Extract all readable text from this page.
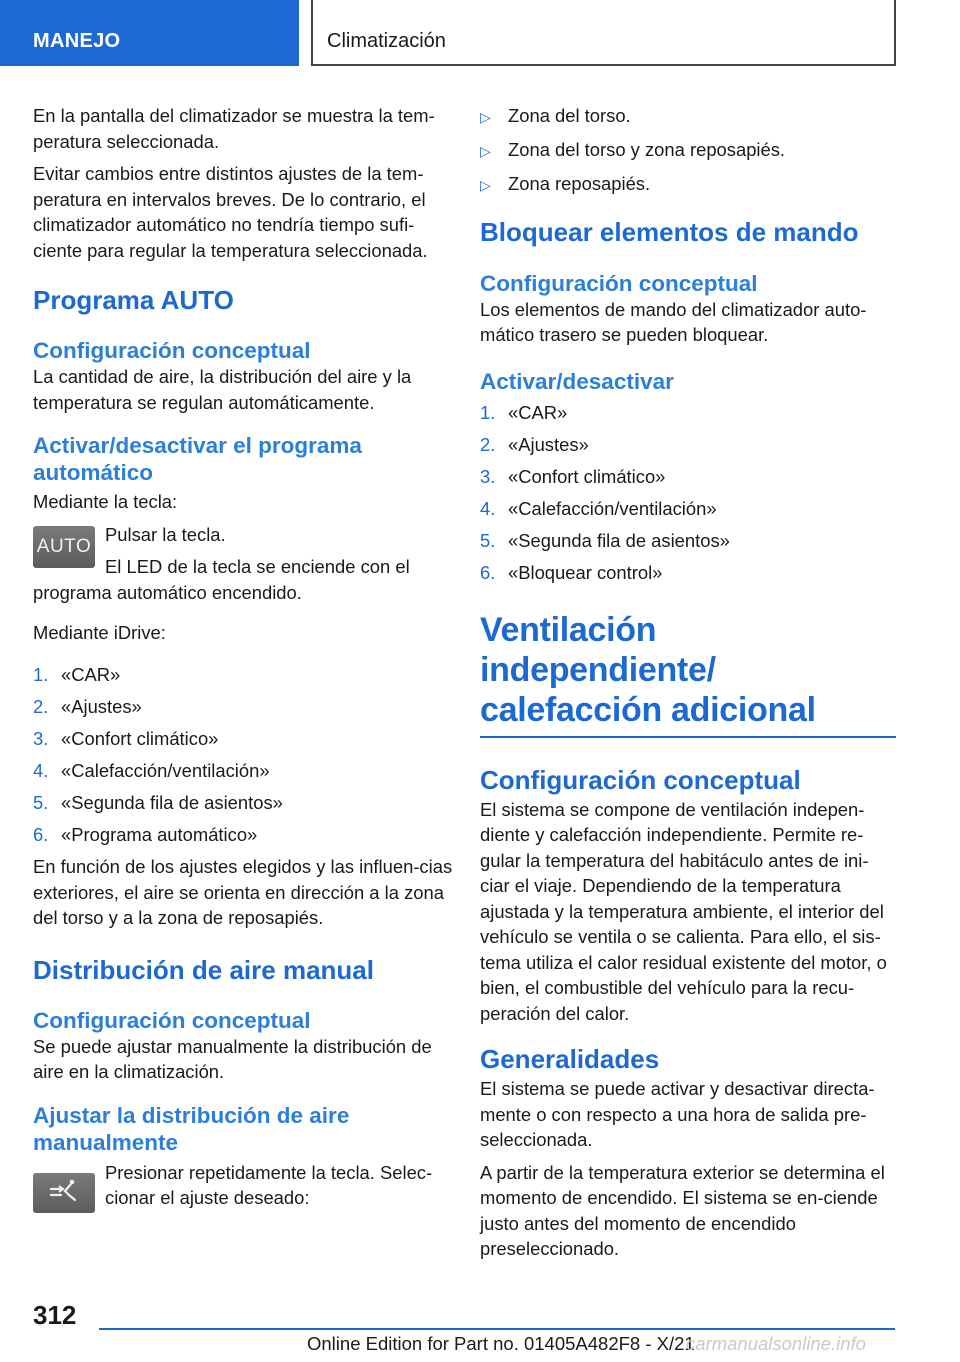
MANEJO	Climatización

En la pantalla del climatizador se muestra la tem-peratura seleccionada.

Evitar cambios entre distintos ajustes de la tem-peratura en intervalos breves. De lo contrario, el climatizador automático no tendría tiempo sufi-ciente para regular la temperatura seleccionada.

Programa AUTO
Configuración conceptual

La cantidad de aire, la distribución del aire y la temperatura se regulan automáticamente.

Activar/desactivar el programa automático

Mediante la tecla:

AUTO

Pulsar la tecla.

El LED de la tecla se enciende con el programa automático encendido.

Mediante iDrive:

1. «CAR»
2. «Ajustes»
3. «Confort climático»
4. «Calefacción/ventilación»
5. «Segunda fila de asientos»
6. «Programa automático»

En función de los ajustes elegidos y las influen-cias exteriores, el aire se orienta en dirección a la zona del torso y a la zona de reposapiés.

Distribución de aire manual
Configuración conceptual

Se puede ajustar manualmente la distribución de aire en la climatización.

Ajustar la distribución de aire manualmente

Presionar repetidamente la tecla. Selec-cionar el ajuste deseado:

▷ Zona del torso.
▷ Zona del torso y zona reposapiés.
▷ Zona reposapiés.
Bloquear elementos de mando
Configuración conceptual

Los elementos de mando del climatizador auto-mático trasero se pueden bloquear.

Activar/desactivar
1. «CAR»
2. «Ajustes»
3. «Confort climático»
4. «Calefacción/ventilación»
5. «Segunda fila de asientos»
6. «Bloquear control»
Ventilación independiente/
calefacción adicional
Configuración conceptual

El sistema se compone de ventilación indepen-diente y calefacción independiente. Permite re-gular la temperatura del habitáculo antes de ini-ciar el viaje. Dependiendo de la temperatura ajustada y la temperatura ambiente, el interior del vehículo se ventila o se calienta. Para ello, el sis-tema utiliza el calor residual existente del motor, o bien, el combustible del vehículo para la recu-peración del calor.

Generalidades

El sistema se puede activar y desactivar directa-mente o con respecto a una hora de salida pre-seleccionada.

A partir de la temperatura exterior se determina el momento de encendido. El sistema se en-ciende justo antes del momento de encendido preseleccionado.

312
Online Edition for Part no. 01405A482F8 - X/21
carmanualsonline.info
